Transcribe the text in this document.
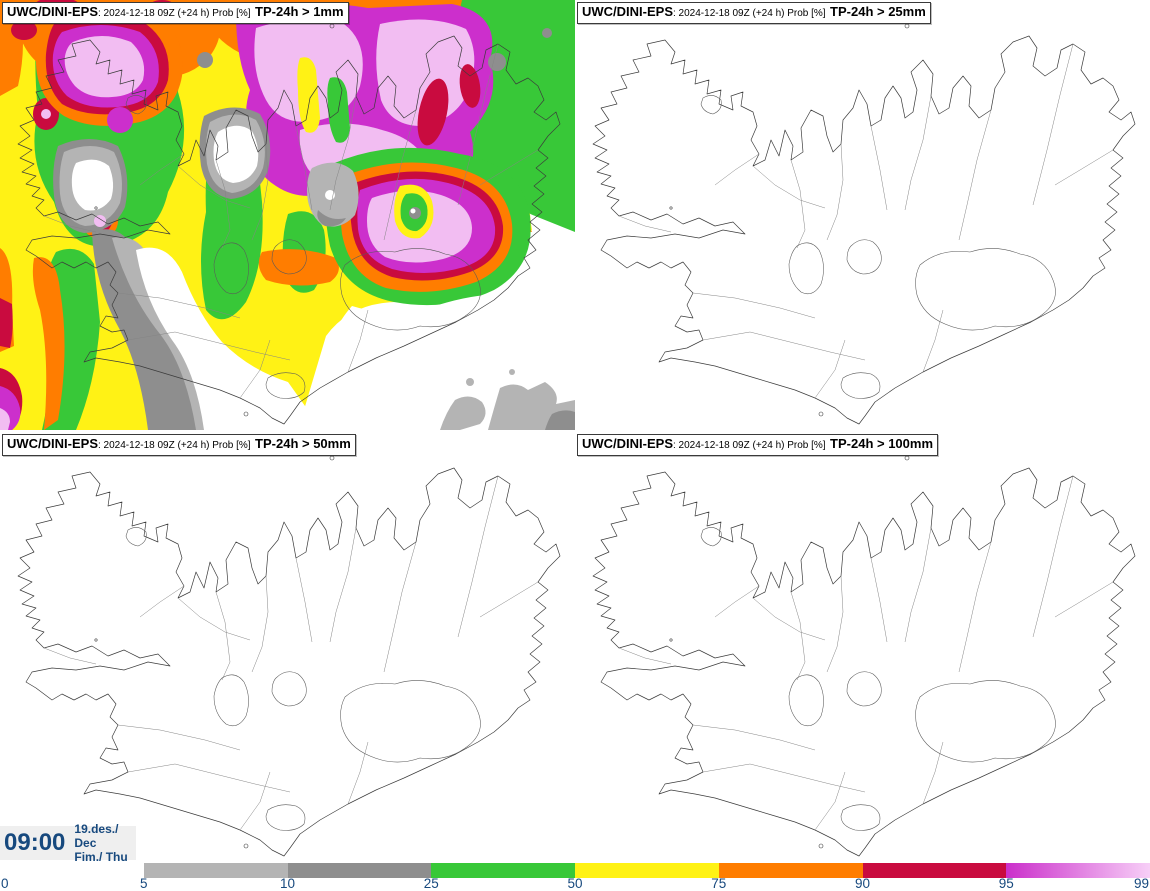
UWC/DINI-EPS: 2024-12-18 09Z (+24 h) Prob [%] TP-24h > 1mm	UWC/DINI-EPS: 2024-12-18 09Z (+24 h) Prob [%] TP-24h > 25mm
UWC/DINI-EPS: 2024-12-18 09Z (+24 h) Prob [%] TP-24h > 50mm	UWC/DINI-EPS: 2024-12-18 09Z (+24 h) Prob [%] TP-24h > 100mm
09:00
19.des./ Dec
Fim./ Thu

0	5	10	25	50	75	90	95	99
